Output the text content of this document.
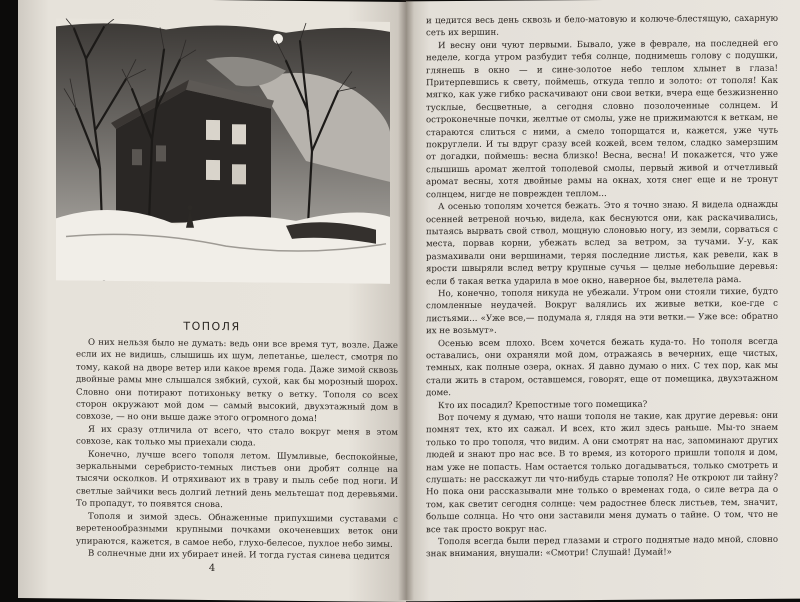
ТОПОЛЯ

О них нельзя было не думать: ведь они все время тут, возле. Даже если их не видишь, слышишь их шум, лепетанье, шелест, смотря по тому, какой на дворе ветер или какое время года. Даже зимой сквозь двойные рамы мне слышался зябкий, сухой, как бы морозный шорох. Словно они потирают потихоньку ветку о ветку. Тополя со всех сторон окружают мой дом — самый высокий, двухэтажный дом в совхозе, — но они выше даже этого огромного дома!

Я их сразу отличила от всего, что стало вокруг меня в этом совхозе, как только мы приехали сюда.

Конечно, лучше всего тополя летом. Шумливые, беспокойные, зеркальными серебристо-темных листьев они дробят солнце на тысячи осколков. И отряхивают их в траву и пыль себе под ноги. И светлые зайчики весь долгий летний день мельтешат под деревьями. То пропадут, то появятся снова.

Тополя и зимой здесь. Обнаженные припухшими суставами с веретенообразными крупными почками окоченевших веток они упираются, кажется, в самое небо, глухо-белесое, пухлое небо зимы.

В солнечные дни их убирает иней. И тогда густая синева цедится

4

и цедится весь день сквозь и бело-матовую и колюче-блестящую, сахарную сеть их вершин.

И весну они чуют первыми. Бывало, уже в феврале, на последней его неделе, когда утром разбудит тебя солнце, поднимешь голову с подушки, глянешь в окно — и сине-золотое небо теплом хлынет в глаза! Притерпевшись к свету, поймешь, откуда тепло и золото: от тополя! Как мягко, как уже гибко раскачивают они свои ветки, вчера еще безжизненно тусклые, бесцветные, а сегодня словно позолоченные солнцем. И остроконечные почки, желтые от смолы, уже не прижимаются к веткам, не стараются слиться с ними, а смело топорщатся и, кажется, уже чуть покруглели. И ты вдруг сразу всей кожей, всем телом, сладко замерзшим от догадки, поймешь: весна близко! Весна, весна! И покажется, что уже слышишь аромат желтой тополевой смолы, первый живой и отчетливый аромат весны, хотя двойные рамы на окнах, хотя снег еще и не тронут солнцем, нигде не поврежден теплом...

А осенью тополям хочется бежать. Это я точно знаю. Я видела однажды осенней ветреной ночью, видела, как беснуются они, как раскачивались, пытаясь вырвать свой ствол, мощную слоновью ногу, из земли, сорваться с места, порвав корни, убежать вслед за ветром, за тучами. У-у, как размахивали они вершинами, теряя последние листья, как ревели, как в ярости швыряли вслед ветру крупные сучья — целые небольшие деревья: если б такая ветка ударила в мое окно, наверное бы, вылетела рама.

Но, конечно, тополя никуда не убежали. Утром они стояли тихие, будто сломленные неудачей. Вокруг валялись их живые ветки, кое-где с листьями... «Уже все,— подумала я, глядя на эти ветки.— Уже все: обратно их не возьмут».

Осенью всем плохо. Всем хочется бежать куда-то. Но тополя всегда оставались, они охраняли мой дом, отражаясь в вечерних, еще чистых, темных, как полные озера, окнах. Я давно думаю о них. С тех пор, как мы стали жить в старом, оставшемся, говорят, еще от помещика, двухэтажном доме.

Кто их посадил? Крепостные того помещика?

Вот почему я думаю, что наши тополя не такие, как другие деревья: они помнят тех, кто их сажал. И всех, кто жил здесь раньше. Мы-то знаем только то про тополя, что видим. А они смотрят на нас, запоминают других людей и знают про нас все. В то время, из которого пришли тополя и дом, нам уже не попасть. Нам остается только догадываться, только смотреть и слушать: не расскажут ли что-нибудь старые тополя? Не откроют ли тайну? Но пока они рассказывали мне только о временах года, о силе ветра да о том, как светит сегодня солнце: чем радостнее блеск листьев, тем, значит, больше солнца. Но что они заставили меня думать о тайне. О том, что не все так просто вокруг нас.

Тополя всегда были перед глазами и строго поднятые надо мной, словно знак внимания, внушали: «Смотри! Слушай! Думай!»
